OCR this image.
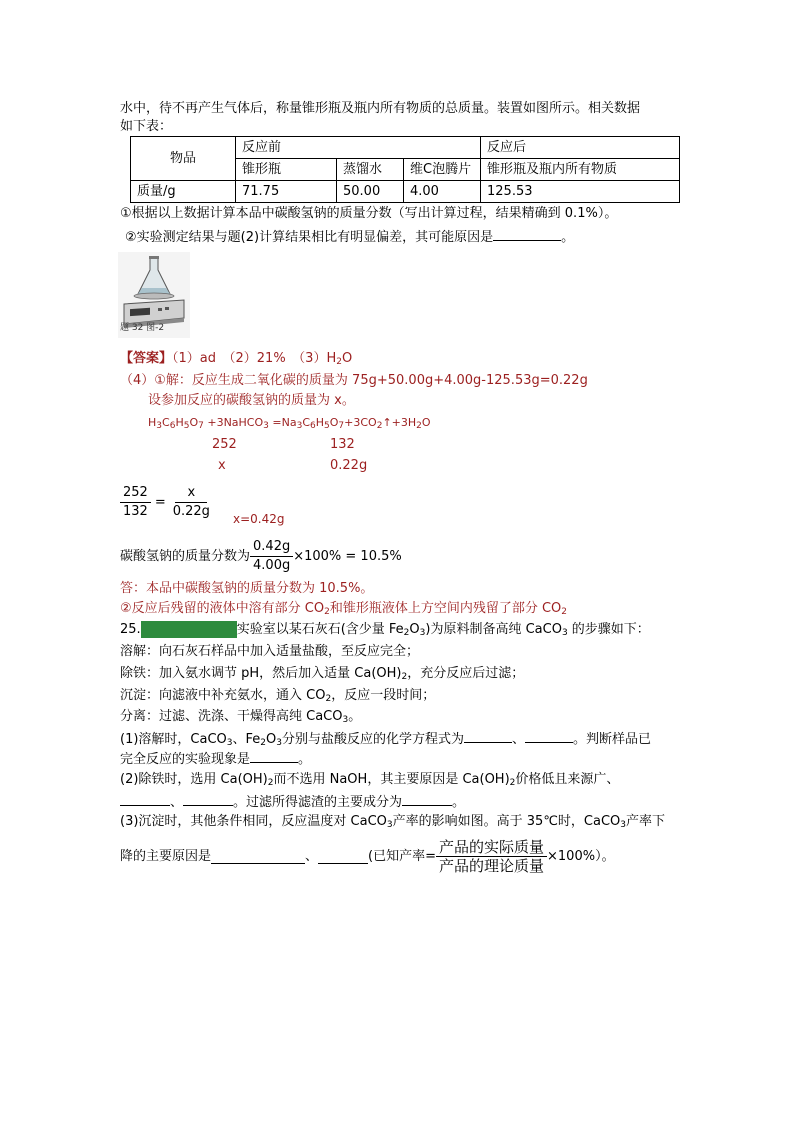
水中，待不再产生气体后，称量锥形瓶及瓶内所有物质的总质量。装置如图所示。相关数据
如下表：
物品	反应前			反应后
	锥形瓶	蒸馏水	维C泡腾片	锥形瓶及瓶内所有物质
质量/g	71.75	50.00	4.00	125.53
①根据以上数据计算本品中碳酸氢钠的质量分数（写出计算过程，结果精确到 0.1%）。
②实验测定结果与题(2)计算结果相比有明显偏差，其可能原因是	。
题 32 图-2
【答案】（1）ad　（2）21%　$(3)H_2O$
（4）①解：反应生成二氧化碳的质量为 75g+50.00g+4.00g-125.53g=0.22g
设参加反应的碳酸氢钠的质量为 x。
$H_3C_6H_5O_7$ +3NaHCO$_3$ $=Na_3C_6H_5O_7+3CO_2↑+3H_2O$
252	132
x	0.22g
$\frac{252}{132} = \frac{x}{0.22g} x=0.42g$
碳酸氢钠的质量分数为 $\frac{0.42g}{4.00g} \times 100\% = 10.5\%$
答：本品中碳酸氢钠的质量分数为 10.5%。
②反应后残留的液体中溶有部分 $CO_2$和锥形瓶液体上方空间内残留了部分 $CO_2$
25.	实验室以某石灰石(含少量 $Fe_2O_3$)为原料制备高纯 CaCO$_3$ 的步骤如下：
溶解：向石灰石样品中加入适量盐酸，至反应完全；
除铁：加入氨水调节 pH，然后加入适量 $Ca(OH)_2$，充分反应后过滤；
沉淀：向滤液中补充氨水，通入 $CO_2$，反应一段时间；
分离：过滤、洗涤、干燥得高纯 CaCO$_3$。
(1)溶解时，CaCO$_3$、$Fe_2O_3$分别与盐酸反应的化学方程式为	、	。判断样品已
完全反应的实验现象是	。
(2)除铁时，选用 $Ca(OH)_2$而不选用 NaOH，其主要原因是 $Ca(OH)_2$价格低且来源广、
、	。过滤所得滤渣的主要成分为	。
(3)沉淀时，其他条件相同，反应温度对 CaCO$_3$产率的影响如图。高于 35℃时，CaCO$_3$产率下
降的主要原因是	、	(已知产率= $\frac{\text{产品的实际质量}}{\text{产品的理论质量}} \times 100\%$）。
